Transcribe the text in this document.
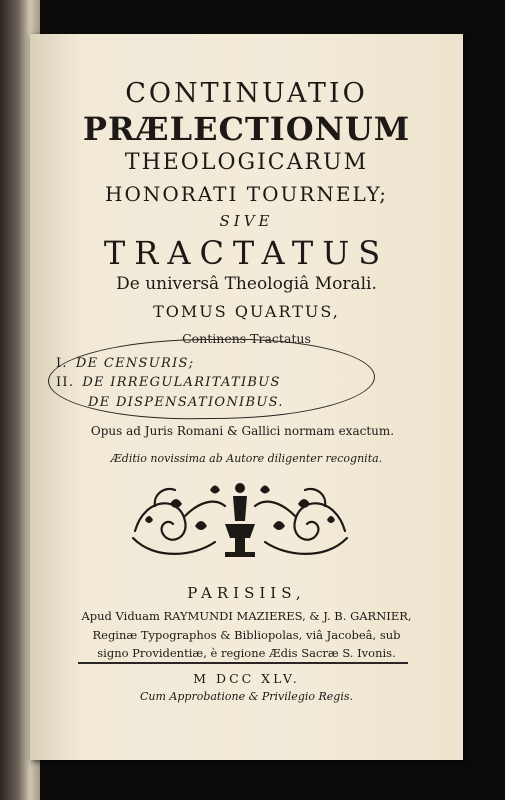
CONTINUATIO
PRÆLECTIONUM
THEOLOGICARUM
HONORATI TOURNELY;
SIVE
TRACTATUS
De universâ Theologiâ Morali.
TOMUS QUARTUS,
Continens Tractatus
I. DE CENSURIS;
II. DE IRREGULARITATIBUS
DE DISPENSATIONIBUS.
Opus ad Juris Romani & Gallici normam exactum.
Æditio novissima ab Autore diligenter recognita.
PARISIIS,
Apud Viduam RAYMUNDI MAZIERES, & J. B. GARNIER,
Reginæ Typographos & Bibliopolas, viâ Jacobeâ, sub
signo Providentiæ, è regione Ædis Sacræ S. Ivonis.
M DCC XLV.
Cum Approbatione & Privilegio Regis.
